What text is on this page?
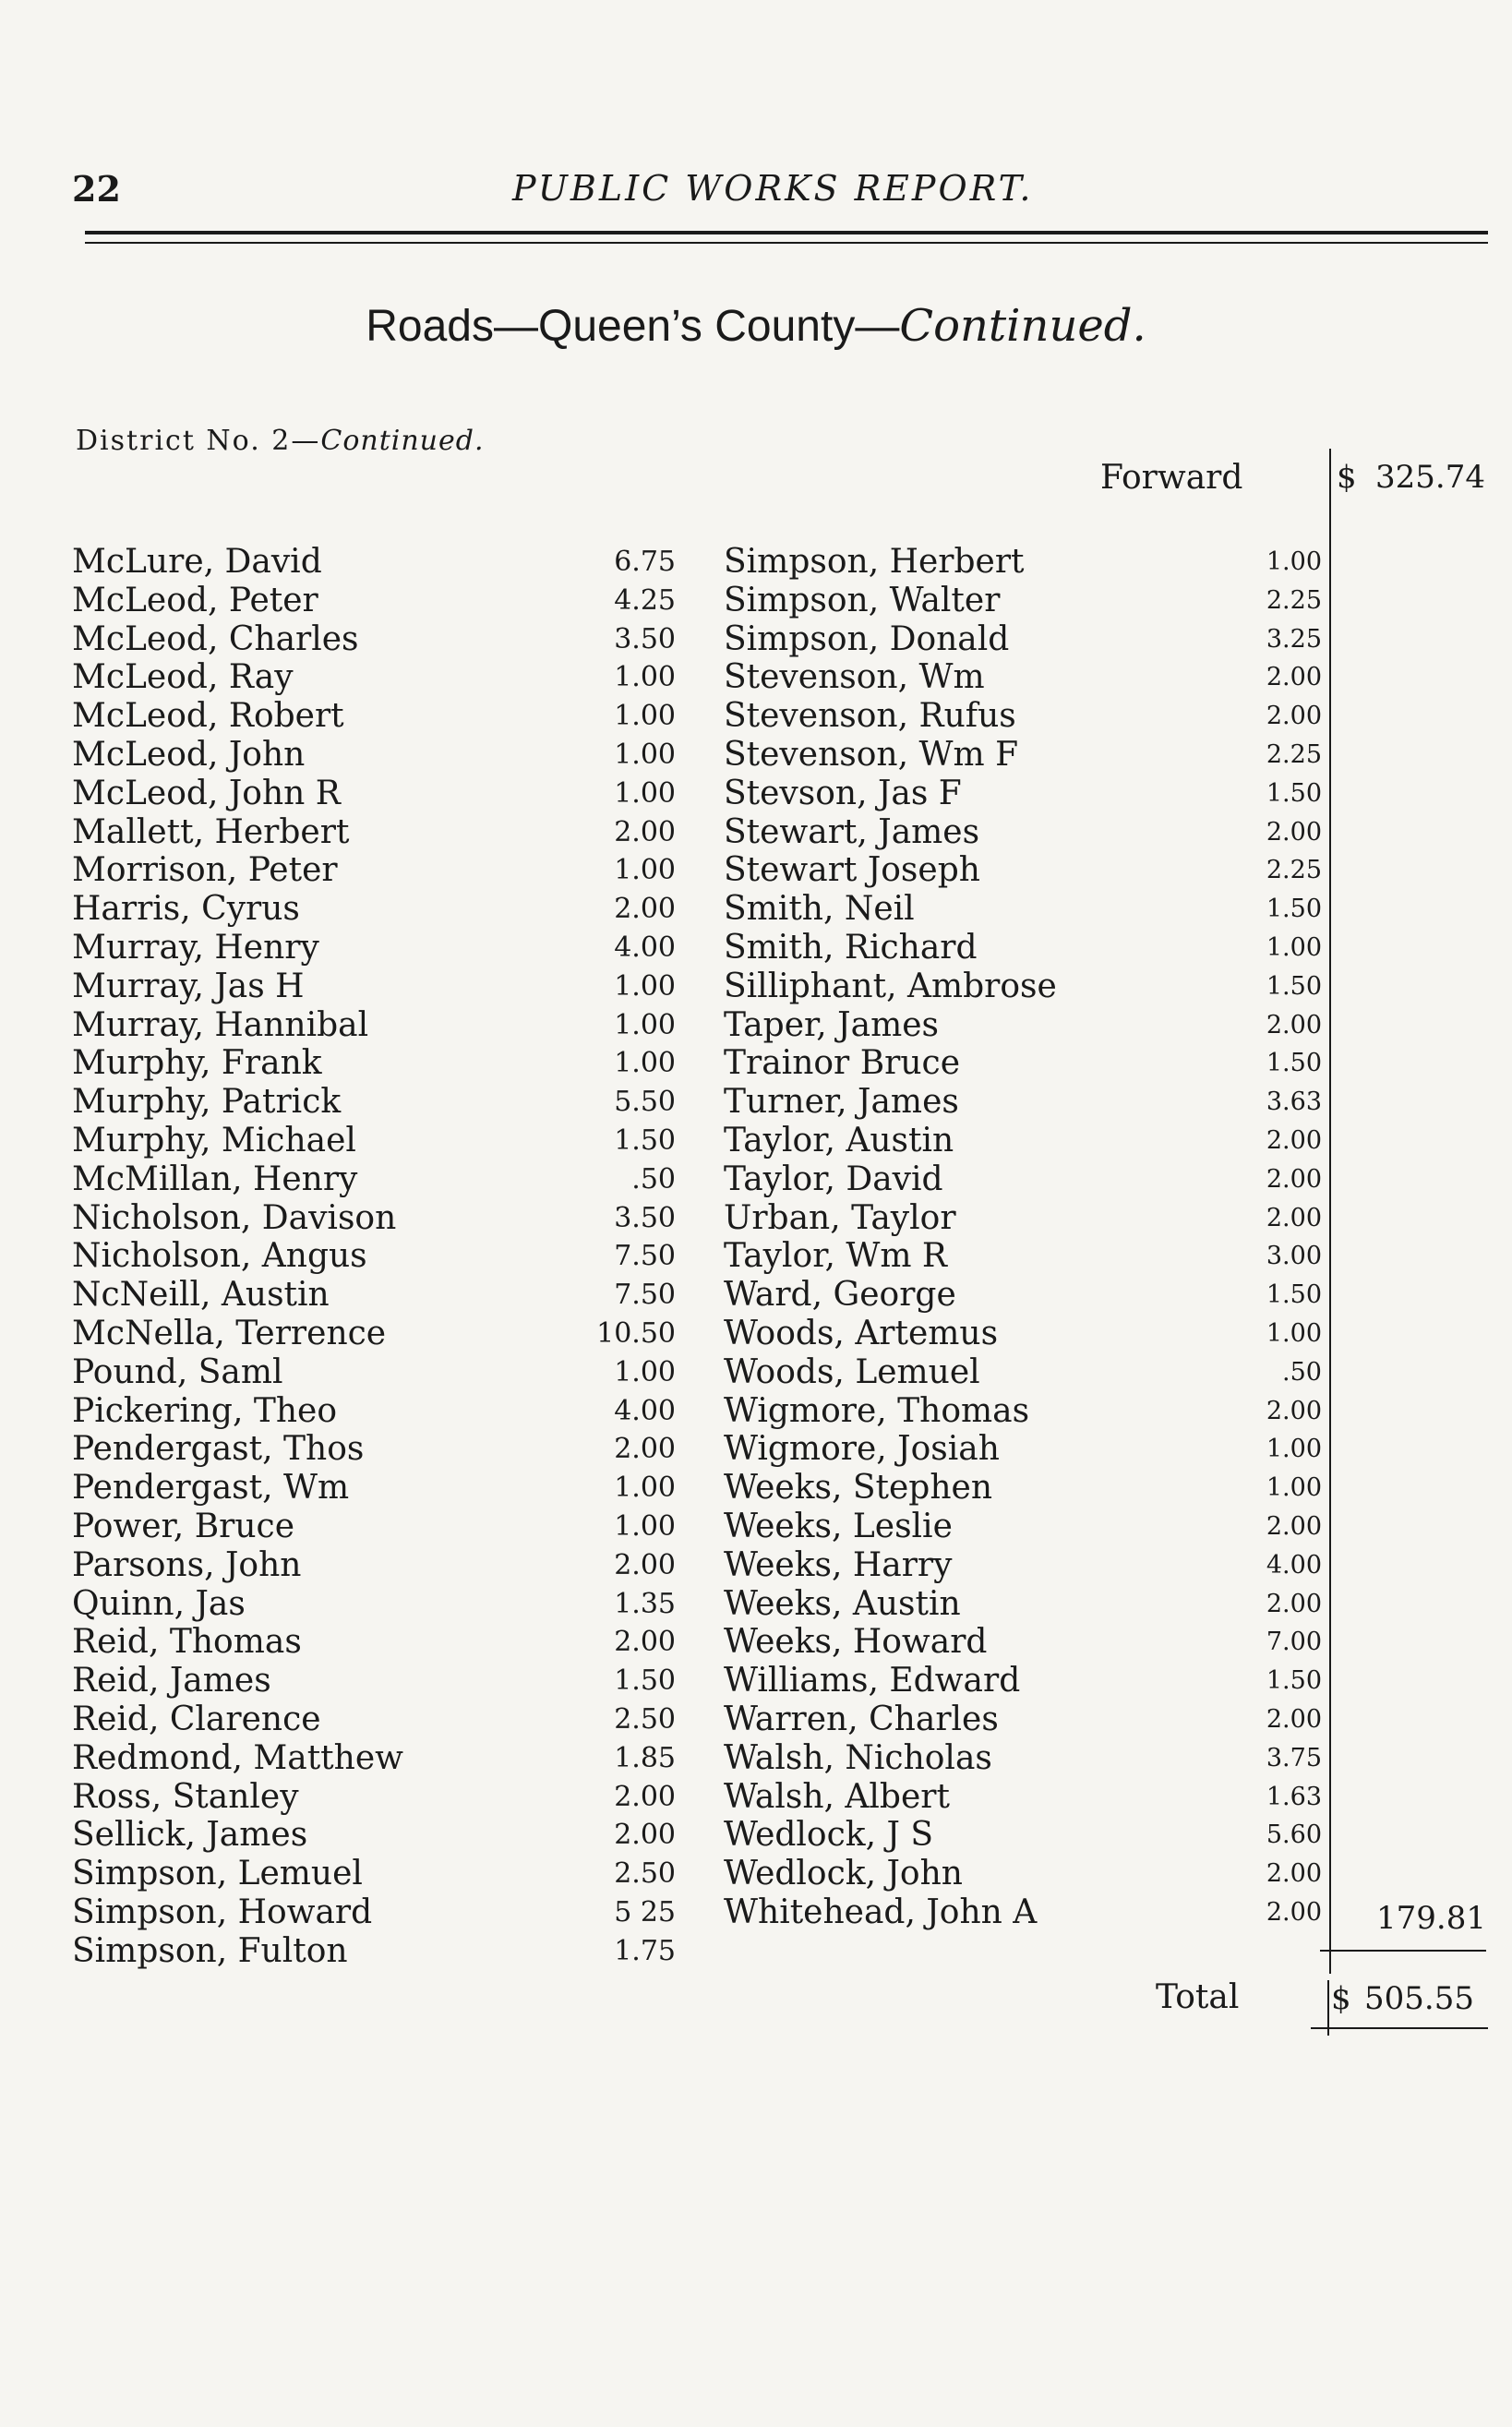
22	PUBLIC WORKS REPORT.
Roads—Queen’s County—Continued.
District No. 2—Continued.
Forward	$ 325.74
McLure, David	6.75
McLeod, Peter	4.25
McLeod, Charles	3.50
McLeod, Ray	1.00
McLeod, Robert	1.00
McLeod, John	1.00
McLeod, John R	1.00
Mallett, Herbert	2.00
Morrison, Peter	1.00
Harris, Cyrus	2.00
Murray, Henry	4.00
Murray, Jas H	1.00
Murray, Hannibal	1.00
Murphy, Frank	1.00
Murphy, Patrick	5.50
Murphy, Michael	1.50
McMillan, Henry	.50
Nicholson, Davison	3.50
Nicholson, Angus	7.50
NcNeill, Austin	7.50
McNella, Terrence	10.50
Pound, Saml	1.00
Pickering, Theo	4.00
Pendergast, Thos	2.00
Pendergast, Wm	1.00
Power, Bruce	1.00
Parsons, John	2.00
Quinn, Jas	1.35
Reid, Thomas	2.00
Reid, James	1.50
Reid, Clarence	2.50
Redmond, Matthew	1.85
Ross, Stanley	2.00
Sellick, James	2.00
Simpson, Lemuel	2.50
Simpson, Howard	5 25
Simpson, Fulton	1.75
Simpson, Herbert	1.00
Simpson, Walter	2.25
Simpson, Donald	3.25
Stevenson, Wm	2.00
Stevenson, Rufus	2.00
Stevenson, Wm F	2.25
Stevson, Jas F	1.50
Stewart, James	2.00
Stewart Joseph	2.25
Smith, Neil	1.50
Smith, Richard	1.00
Silliphant, Ambrose	1.50
Taper, James	2.00
Trainor Bruce	1.50
Turner, James	3.63
Taylor, Austin	2.00
Taylor, David	2.00
Urban, Taylor	2.00
Taylor, Wm R	3.00
Ward, George	1.50
Woods, Artemus	1.00
Woods, Lemuel	.50
Wigmore, Thomas	2.00
Wigmore, Josiah	1.00
Weeks, Stephen	1.00
Weeks, Leslie	2.00
Weeks, Harry	4.00
Weeks, Austin	2.00
Weeks, Howard	7.00
Williams, Edward	1.50
Warren, Charles	2.00
Walsh, Nicholas	3.75
Walsh, Albert	1.63
Wedlock, J S	5.60
Wedlock, John	2.00
Whitehead, John A	2.00	179.81
Total	$ 505.55
